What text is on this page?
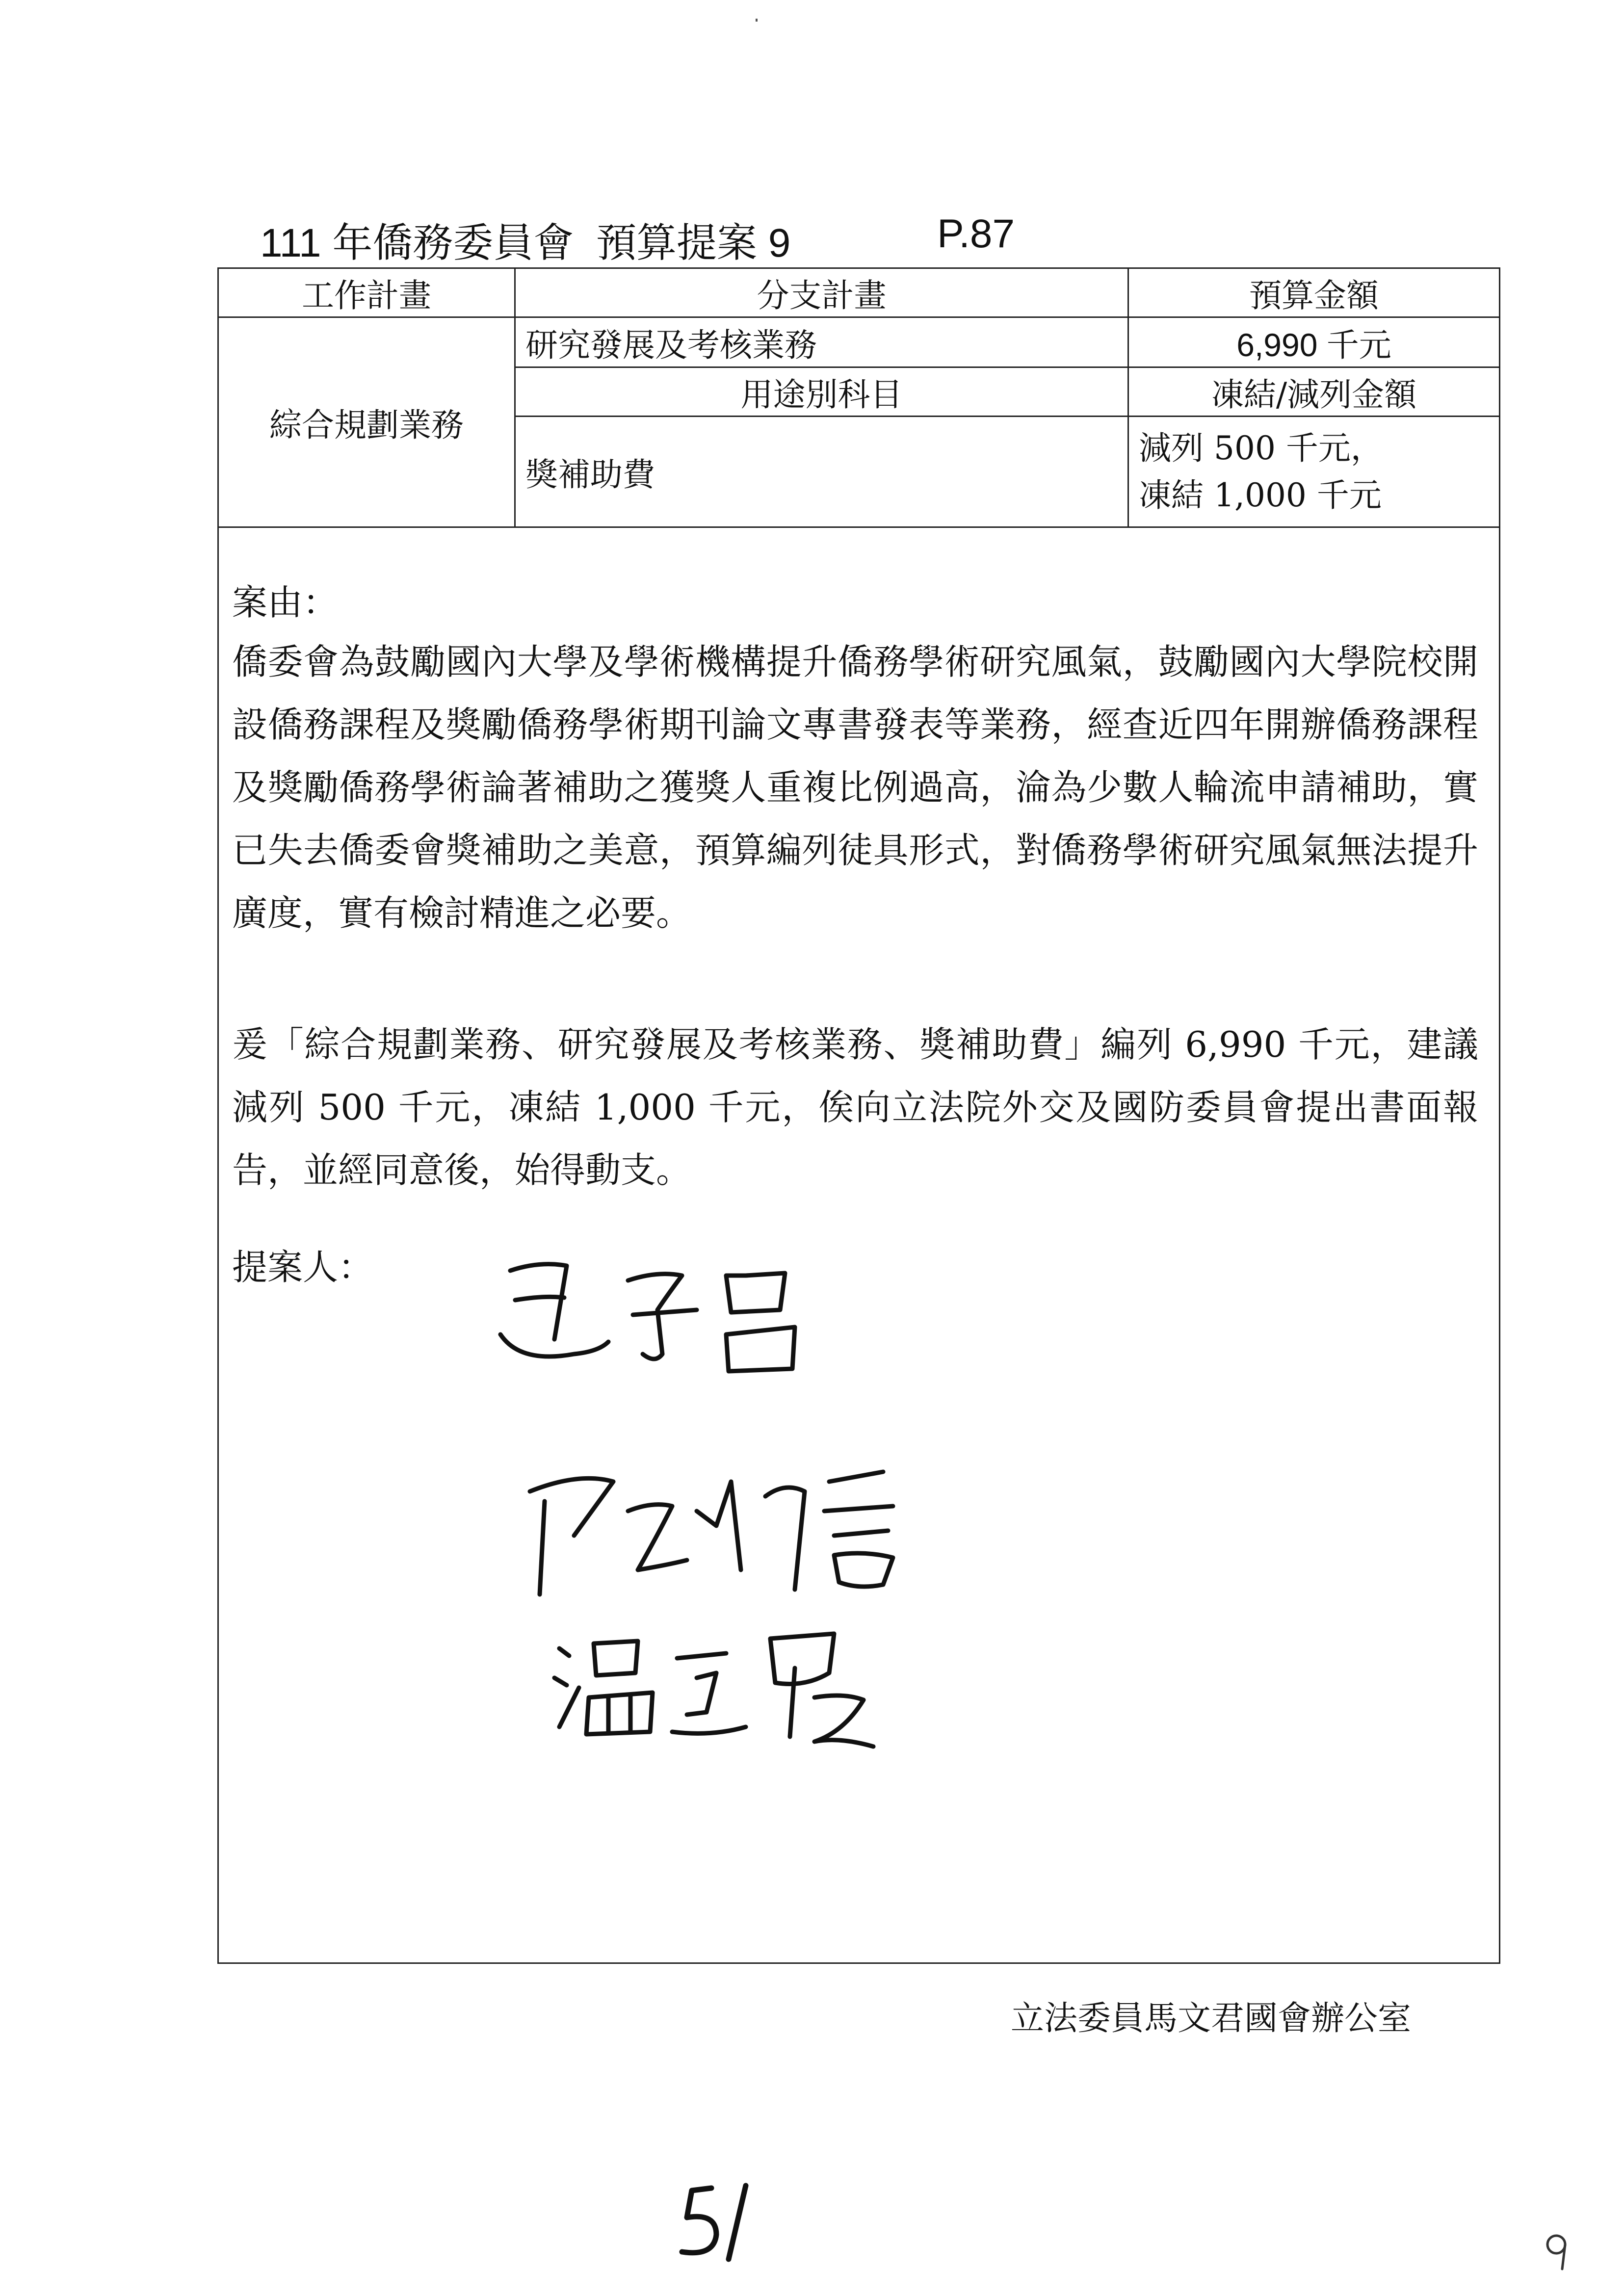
111 年僑務委員會  預算提案 9	P.87
工作計畫	分支計畫	預算金額
綜合規劃業務	研究發展及考核業務	6,990 千元
	用途別科目	凍結/減列金額
	獎補助費	減列 500 千元，
凍結 1,000 千元
案由：
僑委會為鼓勵國內大學及學術機構提升僑務學術研究風氣，鼓勵國內大學院校開設僑務課程及獎勵僑務學術期刊論文專書發表等業務，經查近四年開辦僑務課程及獎勵僑務學術論著補助之獲獎人重複比例過高，淪為少數人輪流申請補助，實已失去僑委會獎補助之美意，預算編列徒具形式，對僑務學術研究風氣無法提升廣度，實有檢討精進之必要。
爰「綜合規劃業務、研究發展及考核業務、獎補助費」編列 6,990 千元，建議減列 500 千元，凍結 1,000 千元，俟向立法院外交及國防委員會提出書面報告，並經同意後，始得動支。
提案人：
立法委員馬文君國會辦公室
